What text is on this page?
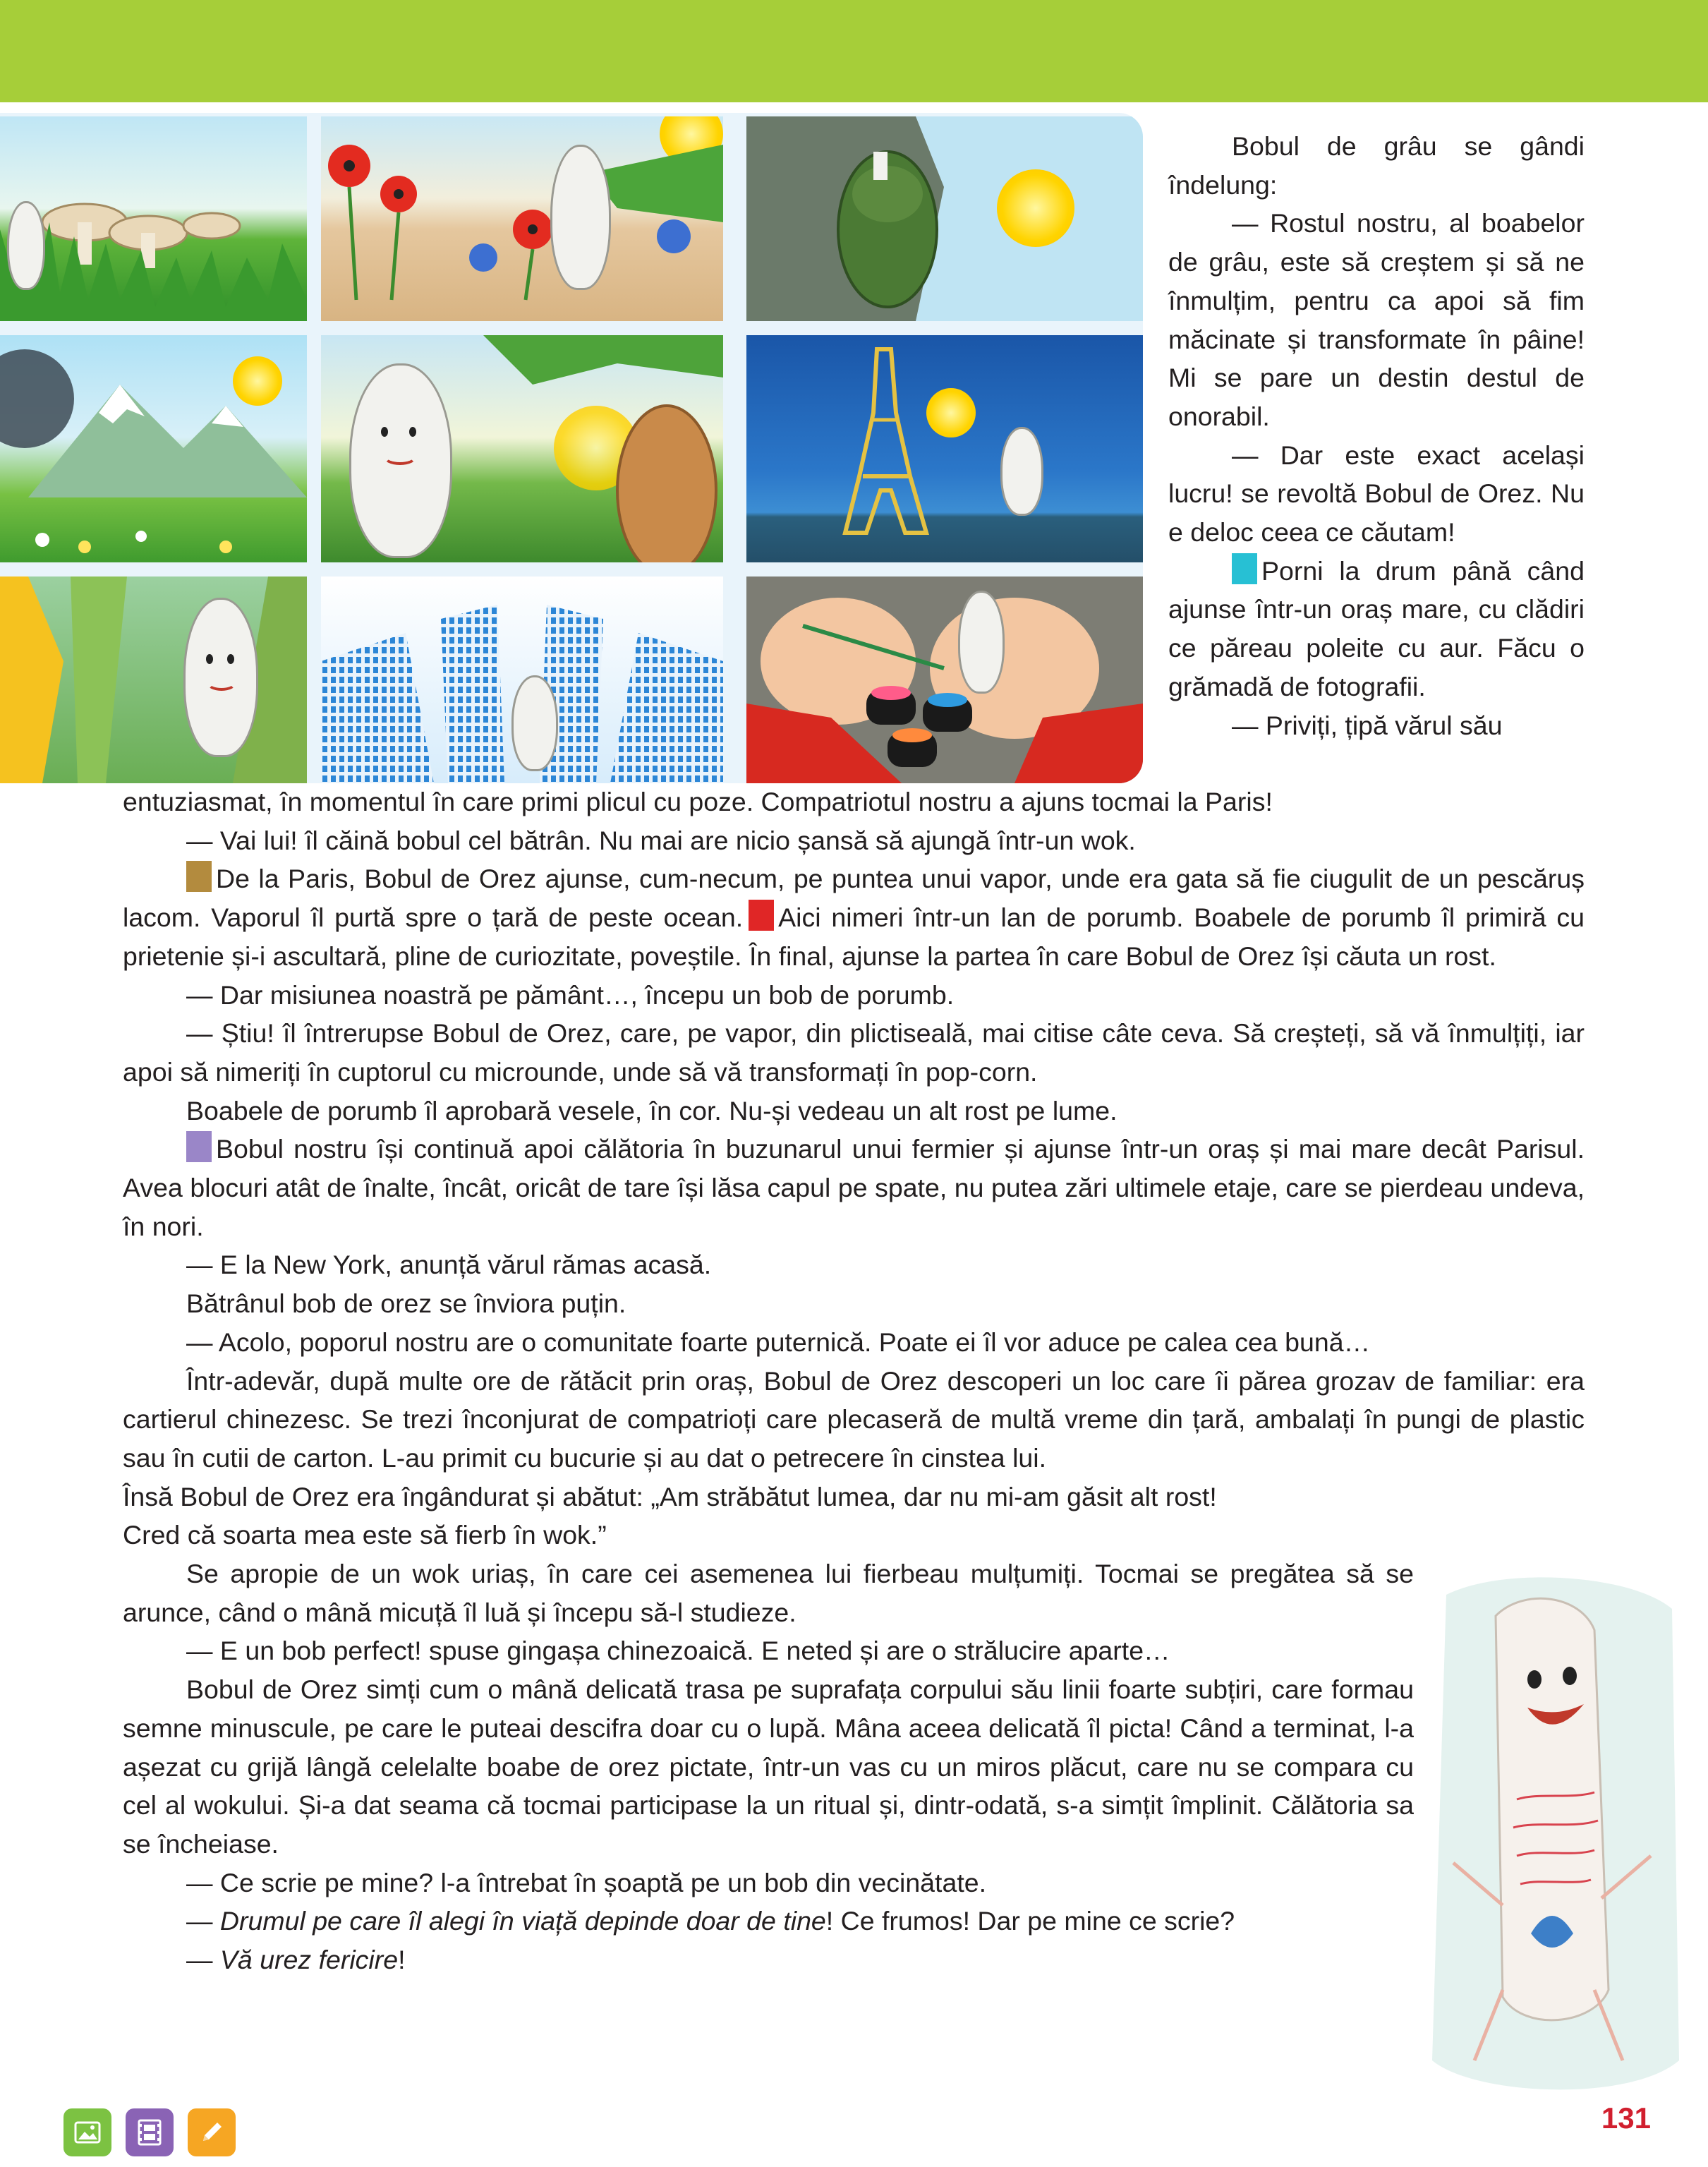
Bobul de grâu se gândi îndelung:

— Rostul nostru, al boabelor de grâu, este să creștem și să ne înmulțim, pentru ca apoi să fim măcinate și transformate în pâine! Mi se pare un destin destul de onorabil.

— Dar este exact același lucru! se revoltă Bobul de Orez. Nu e deloc ceea ce căutam!

Porni la drum până când ajunse într-un oraș mare, cu clădiri ce păreau poleite cu aur. Făcu o grămadă de fotografii.

— Priviți, țipă vărul său

entuziasmat, în momentul în care primi plicul cu poze. Compatriotul nostru a ajuns tocmai la Paris!

— Vai lui! îl căină bobul cel bătrân. Nu mai are nicio șansă să ajungă într-un wok.

De la Paris, Bobul de Orez ajunse, cum-necum, pe puntea unui vapor, unde era gata să fie ciugulit de un pescăruș lacom. Vaporul îl purtă spre o țară de peste ocean. Aici nimeri într-un lan de porumb. Boabele de porumb îl primiră cu prietenie și-i ascultară, pline de curiozitate, poveștile. În final, ajunse la partea în care Bobul de Orez își căuta un rost.

— Dar misiunea noastră pe pământ…, începu un bob de porumb.

— Știu! îl întrerupse Bobul de Orez, care, pe vapor, din plictiseală, mai citise câte ceva. Să creșteți, să vă înmulțiți, iar apoi să nimeriți în cuptorul cu microunde, unde să vă transformați în pop-corn.

Boabele de porumb îl aprobară vesele, în cor. Nu-și vedeau un alt rost pe lume.

Bobul nostru își continuă apoi călătoria în buzunarul unui fermier și ajunse într-un oraș și mai mare decât Parisul. Avea blocuri atât de înalte, încât, oricât de tare își lăsa capul pe spate, nu putea zări ultimele etaje, care se pierdeau undeva, în nori.

— E la New York, anunță vărul rămas acasă.

Bătrânul bob de orez se înviora puțin.

— Acolo, poporul nostru are o comunitate foarte puternică. Poate ei îl vor aduce pe calea cea bună…

Într-adevăr, după multe ore de rătăcit prin oraș, Bobul de Orez descoperi un loc care îi părea grozav de familiar: era cartierul chinezesc. Se trezi înconjurat de compatrioți care plecaseră de multă vreme din țară, ambalați în pungi de plastic sau în cutii de carton. L-au primit cu bucurie și au dat o petrecere în cinstea lui.

Însă Bobul de Orez era îngândurat și abătut: „Am străbătut lumea, dar nu mi-am găsit alt rost!

Cred că soarta mea este să fierb în wok.”

Se apropie de un wok uriaș, în care cei asemenea lui fierbeau mulțumiți. Tocmai se pregătea să se arunce, când o mână micuță îl luă și începu să-l studieze.

— E un bob perfect! spuse gingașa chinezoaică. E neted și are o strălucire aparte…

Bobul de Orez simți cum o mână delicată trasa pe suprafața corpului său linii foarte subțiri, care formau semne minuscule, pe care le puteai descifra doar cu o lupă. Mâna aceea delicată îl picta! Când a terminat, l-a așezat cu grijă lângă celelalte boabe de orez pictate, într-un vas cu un miros plăcut, care nu se compara cu cel al wokului. Și-a dat seama că tocmai participase la un ritual și, dintr-odată, s-a simțit împlinit. Călătoria sa se încheiase.

— Ce scrie pe mine? l-a întrebat în șoaptă pe un bob din vecinătate.

— Drumul pe care îl alegi în viață depinde doar de tine! Ce frumos! Dar pe mine ce scrie?

— Vă urez fericire!

131
